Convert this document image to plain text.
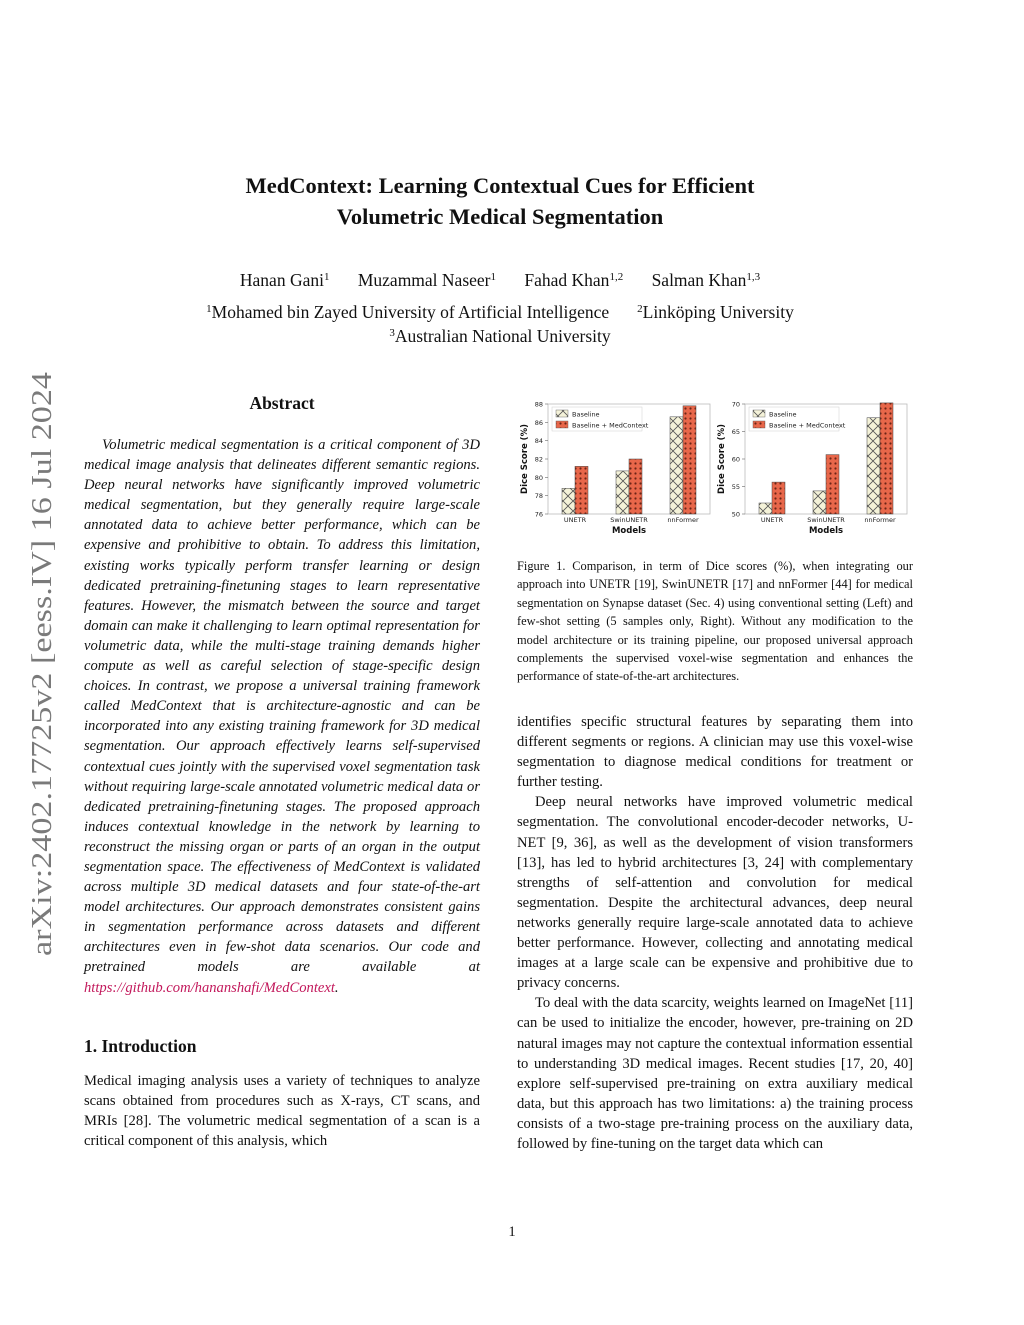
arXiv:2402.17725v2 [eess.IV] 16 Jul 2024
MedContext: Learning Contextual Cues for Efficient
Volumetric Medical Segmentation
Hanan Gani$^1$ Muzammal Naseer$^1$ Fahad Khan$^{1,2}$ Salman Khan$^{1,3}$
$^1$Mohamed bin Zayed University of Artificial Intelligence	$^2$Linköping University
$^3$Australian National University
Abstract

Volumetric medical segmentation is a critical component of 3D medical image analysis that delineates different semantic regions. Deep neural networks have significantly improved volumetric medical segmentation, but they generally require large-scale annotated data to achieve better performance, which can be expensive and prohibitive to obtain. To address this limitation, existing works typically perform transfer learning or design dedicated pretraining-finetuning stages to learn representative features. However, the mismatch between the source and target domain can make it challenging to learn optimal representation for volumetric data, while the multi-stage training demands higher compute as well as careful selection of stage-specific design choices. In contrast, we propose a universal training framework called MedContext that is architecture-agnostic and can be incorporated into any existing training framework for 3D medical segmentation. Our approach effectively learns self-supervised contextual cues jointly with the supervised voxel segmentation task without requiring large-scale annotated volumetric medical data or dedicated pretraining-finetuning stages. The proposed approach induces contextual knowledge in the network by learning to reconstruct the missing organ or parts of an organ in the output segmentation space. The effectiveness of MedContext is validated across multiple 3D medical datasets and four state-of-the-art model architectures. Our approach demonstrates consistent gains in segmentation performance across datasets and different architectures even in few-shot data scenarios. Our code and pretrained models are available at https://github.com/hananshafi/MedContext.

1. Introduction

Medical imaging analysis uses a variety of techniques to analyze scans obtained from procedures such as X-rays, CT scans, and MRIs [28]. The volumetric medical segmentation of a scan is a critical component of this analysis, which

76
78
80
82
84
86
88
Dice Score (%)
UNETR	SwinUNETR	nnFormer
Models
Baseline
Baseline + MedContext
50
55
60
65
70
Dice Score (%)
UNETR	SwinUNETR	nnFormer
Models
Baseline
Baseline + MedContext

Figure 1. Comparison, in term of Dice scores (%), when integrating our approach into UNETR [19], SwinUNETR [17] and nnFormer [44] for medical segmentation on Synapse dataset (Sec. 4) using conventional setting (Left) and few-shot setting (5 samples only, Right). Without any modification to the model architecture or its training pipeline, our proposed universal approach complements the supervised voxel-wise segmentation and enhances the performance of state-of-the-art architectures.

identifies specific structural features by separating them into different segments or regions. A clinician may use this voxel-wise segmentation to diagnose medical conditions for treatment or further testing.

Deep neural networks have improved volumetric medical segmentation. The convolutional encoder-decoder networks, U-NET [9, 36], as well as the development of vision transformers [13], has led to hybrid architectures [3, 24] with complementary strengths of self-attention and convolution for medical segmentation. Despite the architectural advances, deep neural networks generally require large-scale annotated data to achieve better performance. However, collecting and annotating medical images at a large scale can be expensive and prohibitive due to privacy concerns.

To deal with the data scarcity, weights learned on ImageNet [11] can be used to initialize the encoder, however, pre-training on 2D natural images may not capture the contextual information essential to understanding 3D medical images. Recent studies [17, 20, 40] explore self-supervised pre-training on extra auxiliary medical data, but this approach has two limitations: a) the training process consists of a two-stage pre-training process on the auxiliary data, followed by fine-tuning on the target data which can

1
